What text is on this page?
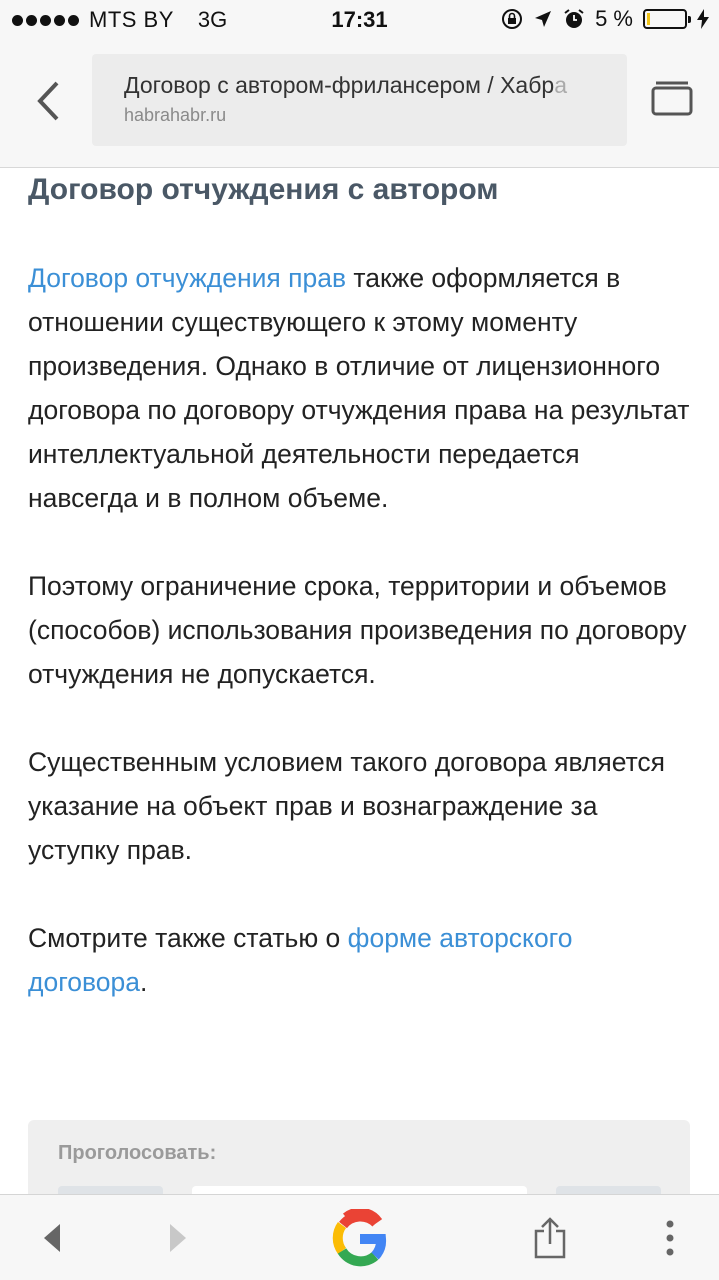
MTS BY 3G	17:31	5 %
Договор с автором-фрилансером / Хабра
habrahabr.ru
Договор отчуждения с автором

Договор отчуждения прав также оформляется в отношении существующего к этому моменту произведения. Однако в отличие от лицензионного договора по договору отчуждения права на результат интеллектуальной деятельности передается навсегда и в полном объеме.

Поэтому ограничение срока, территории и объемов (способов) использования произведения по договору отчуждения не допускается.

Существенным условием такого договора является указание на объект прав и вознаграждение за уступку прав.

Смотрите также статью о форме авторского договора.

Проголосовать:
